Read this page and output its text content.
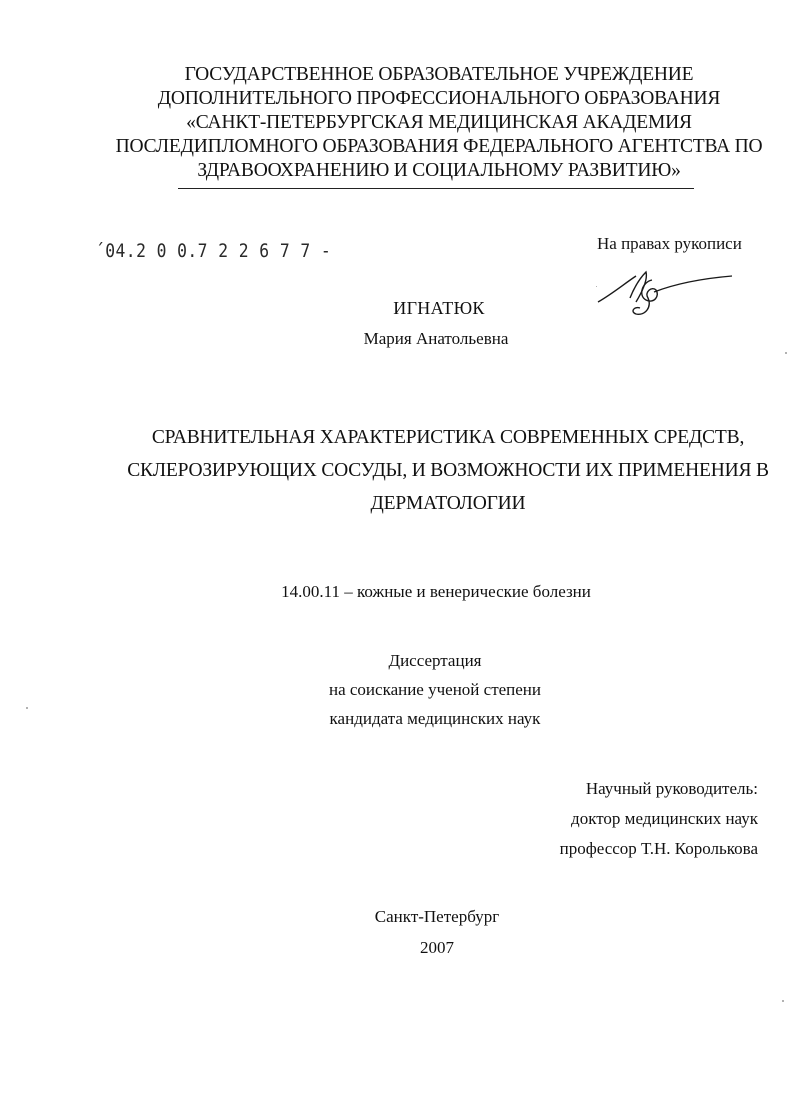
ГОСУДАРСТВЕННОЕ ОБРАЗОВАТЕЛЬНОЕ УЧРЕЖДЕНИЕ
ДОПОЛНИТЕЛЬНОГО ПРОФЕССИОНАЛЬНОГО ОБРАЗОВАНИЯ
«САНКТ-ПЕТЕРБУРГСКАЯ МЕДИЦИНСКАЯ АКАДЕМИЯ
ПОСЛЕДИПЛОМНОГО ОБРАЗОВАНИЯ ФЕДЕРАЛЬНОГО АГЕНТСТВА ПО
ЗДРАВООХРАНЕНИЮ И СОЦИАЛЬНОМУ РАЗВИТИЮ»
´04.2 0 0.7 2 2 6 7 7 -	На правах рукописи
ИГНАТЮК
Мария Анатольевна
СРАВНИТЕЛЬНАЯ ХАРАКТЕРИСТИКА СОВРЕМЕННЫХ СРЕДСТВ,
СКЛЕРОЗИРУЮЩИХ СОСУДЫ, И ВОЗМОЖНОСТИ ИХ ПРИМЕНЕНИЯ В
ДЕРМАТОЛОГИИ
14.00.11 – кожные и венерические болезни
Диссертация
на соискание ученой степени
кандидата медицинских наук
Научный руководитель:
доктор медицинских наук
профессор Т.Н. Королькова
Санкт-Петербург
2007
